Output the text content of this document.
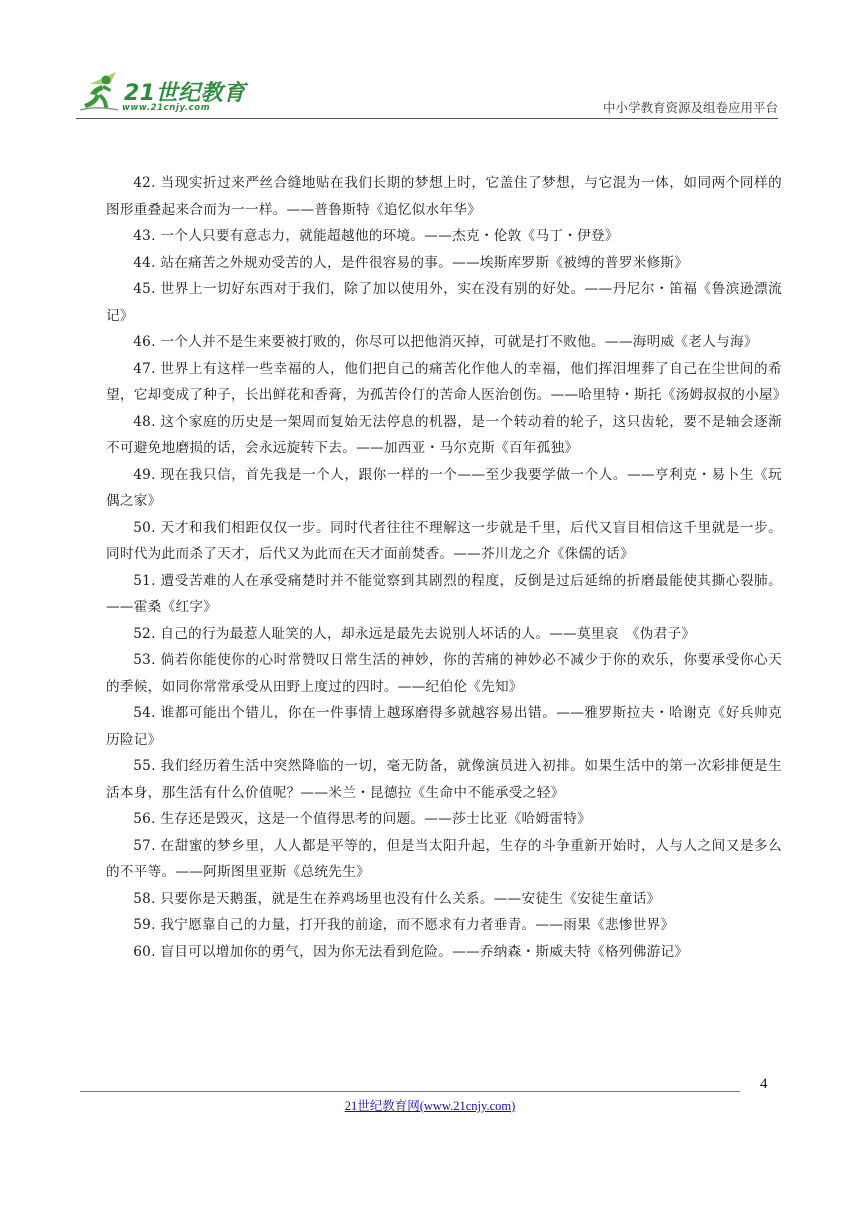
21世纪教育
www.21cnjy.com	中小学教育资源及组卷应用平台

42. 当现实折过来严丝合缝地贴在我们长期的梦想上时，它盖住了梦想，与它混为一体，如同两个同样的图形重叠起来合而为一一样。——普鲁斯特《追忆似水年华》

43. 一个人只要有意志力，就能超越他的环境。——杰克・伦敦《马丁・伊登》

44. 站在痛苦之外规劝受苦的人，是件很容易的事。——埃斯库罗斯《被缚的普罗米修斯》

45. 世界上一切好东西对于我们，除了加以使用外，实在没有别的好处。——丹尼尔・笛福《鲁滨逊漂流记》

46. 一个人并不是生来要被打败的，你尽可以把他消灭掉，可就是打不败他。——海明威《老人与海》

47. 世界上有这样一些幸福的人，他们把自己的痛苦化作他人的幸福，他们挥泪埋葬了自己在尘世间的希望，它却变成了种子，长出鲜花和香膏，为孤苦伶仃的苦命人医治创伤。——哈里特・斯托《汤姆叔叔的小屋》

48. 这个家庭的历史是一架周而复始无法停息的机器，是一个转动着的轮子，这只齿轮，要不是轴会逐渐不可避免地磨损的话，会永远旋转下去。——加西亚・马尔克斯《百年孤独》

49. 现在我只信，首先我是一个人，跟你一样的一个——至少我要学做一个人。——亨利克・易卜生《玩偶之家》

50. 天才和我们相距仅仅一步。同时代者往往不理解这一步就是千里，后代又盲目相信这千里就是一步。同时代为此而杀了天才，后代又为此而在天才面前焚香。——芥川龙之介《侏儒的话》

51. 遭受苦难的人在承受痛楚时并不能觉察到其剧烈的程度，反倒是过后延绵的折磨最能使其撕心裂肺。——霍桑《红字》

52. 自己的行为最惹人耻笑的人，却永远是最先去说别人坏话的人。——莫里哀　《伪君子》

53. 倘若你能使你的心时常赞叹日常生活的神妙，你的苦痛的神妙必不减少于你的欢乐，你要承受你心天的季候，如同你常常承受从田野上度过的四时。——纪伯伦《先知》

54. 谁都可能出个错儿，你在一件事情上越琢磨得多就越容易出错。——雅罗斯拉夫・哈谢克《好兵帅克历险记》

55. 我们经历着生活中突然降临的一切，毫无防备，就像演员进入初排。如果生活中的第一次彩排便是生活本身，那生活有什么价值呢？——米兰・昆德拉《生命中不能承受之轻》

56. 生存还是毁灭，这是一个值得思考的问题。——莎士比亚《哈姆雷特》

57. 在甜蜜的梦乡里，人人都是平等的，但是当太阳升起，生存的斗争重新开始时，人与人之间又是多么的不平等。——阿斯图里亚斯《总统先生》

58. 只要你是天鹅蛋，就是生在养鸡场里也没有什么关系。——安徒生《安徒生童话》

59. 我宁愿靠自己的力量，打开我的前途，而不愿求有力者垂青。——雨果《悲惨世界》

60. 盲目可以增加你的勇气，因为你无法看到危险。——乔纳森・斯威夫特《格列佛游记》

4
21世纪教育网(www.21cnjy.com)
